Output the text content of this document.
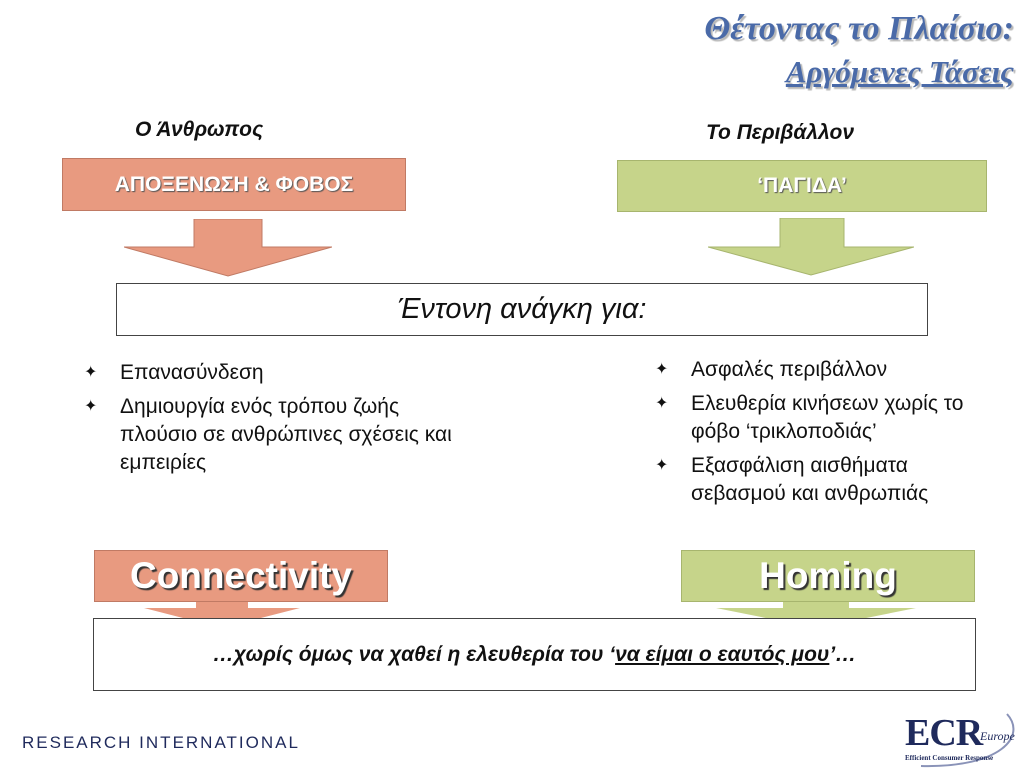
Θέτοντας το Πλαίσιο:
Αργόμενες Τάσεις
Ο Άνθρωπος	Το Περιβάλλον
ΑΠΟΞΕΝΩΣΗ & ΦΟΒΟΣ	‘ΠΑΓΙΔΑ’
Έντονη ανάγκη για:
✦ Επανασύνδεση
✦ Δημιουργία ενός τρόπου ζωής πλούσιο σε ανθρώπινες σχέσεις και εμπειρίες
✦ Ασφαλές περιβάλλον
✦ Ελευθερία κινήσεων χωρίς το φόβο ‘τρικλοποδιάς’
✦ Εξασφάλιση αισθήματα σεβασμού και ανθρωπιάς
Connectivity	Homing
…χωρίς όμως να χαθεί η ελευθερία του ‘ να είμαι ο εαυτός μου ’…
RESEARCH INTERNATIONAL	ECR
Europe
Efficient Consumer Response
